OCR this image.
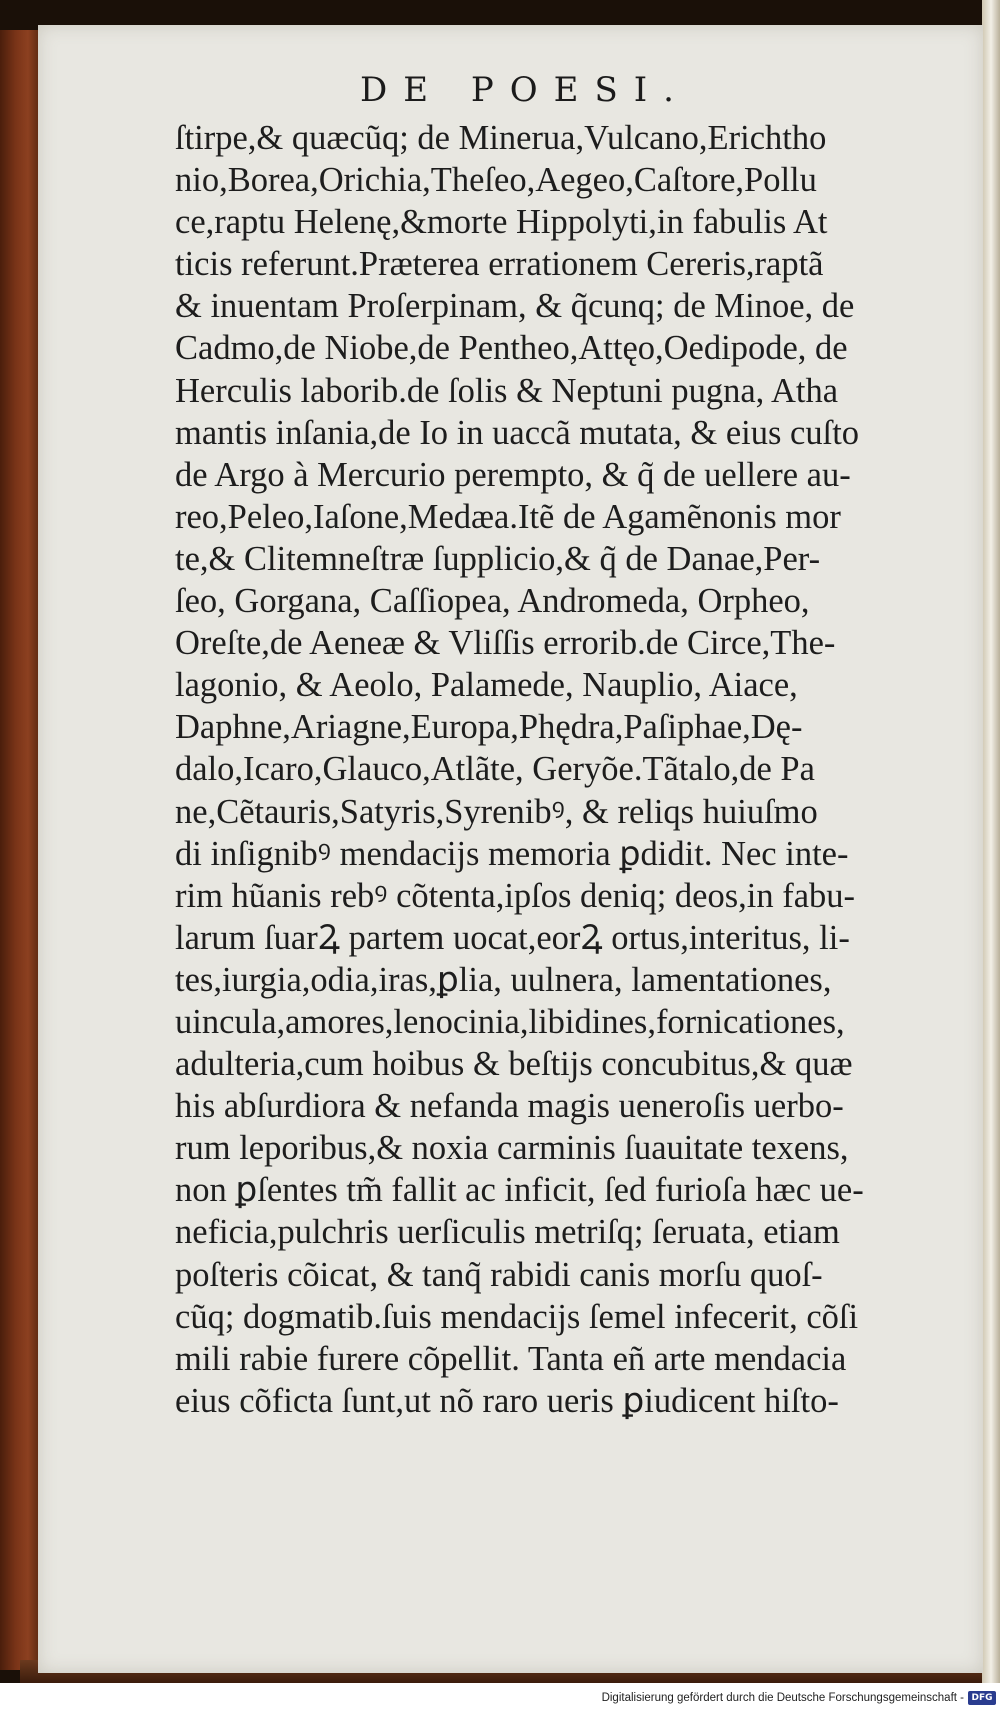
DE POESI.
ſtirpe,& quæcũq; de Minerua,Vulcano,Erichtho
nio,Borea,Orichia,Theſeo,Aegeo,Caſtore,Pollu
ce,raptu Helenę,&morte Hippolyti,in fabulis At
ticis referunt.Præterea errationem Cereris,raptã
& inuentam Proſerpinam, & q̃cunq; de Minoe, de
Cadmo,de Niobe,de Pentheo,Attęo,Oedipode, de
Herculis laborib.de ſolis & Neptuni pugna, Atha
mantis inſania,de Io in uaccã mutata, & eius cuſto
de Argo à Mercurio perempto, & q̃ de uellere au-
reo,Peleo,Iaſone,Medæa.Itẽ de Agamẽnonis mor
te,& Clitemneſtræ ſupplicio,& q̃ de Danae,Per-
ſeo, Gorgana, Caſſiopea, Andromeda, Orpheo,
Oreſte,de Aeneæ & Vliſſis errorib.de Circe,The-
lagonio, & Aeolo, Palamede, Nauplio, Aiace,
Daphne,Ariagne,Europa,Phędra,Paſiphae,Dę-
dalo,Icaro,Glauco,Atlãte, Geryõe.Tãtalo,de Pa
ne,Cẽtauris,Satyris,Syrenibꝰ, & reliqs huiuſmo
di inſignibꝰ mendacijs memoria ꝑdidit. Nec inte-
rim hũanis rebꝰ cõtenta,ipſos deniq; deos,in fabu-
larum ſuarꝜ partem uocat,eorꝜ ortus,interitus, li-
tes,iurgia,odia,iras,ꝑlia, uulnera, lamentationes,
uincula,amores,lenocinia,libidines,fornicationes,
adulteria,cum hoibus & beſtijs concubitus,& quæ
his abſurdiora & nefanda magis ueneroſis uerbo-
rum leporibus,& noxia carminis ſuauitate texens,
non ꝑſentes tm̃ fallit ac inficit, ſed furioſa hæc ue-
neficia,pulchris uerſiculis metriſq; ſeruata, etiam
poſteris cõicat, & tanq̃ rabidi canis morſu quoſ-
cũq; dogmatib.ſuis mendacijs ſemel infecerit, cõſi
mili rabie furere cõpellit. Tanta eñ arte mendacia
eius cõficta ſunt,ut nõ raro ueris ꝑiudicent hiſto-
Digitalisierung gefördert durch die Deutsche Forschungsgemeinschaft - DFG
